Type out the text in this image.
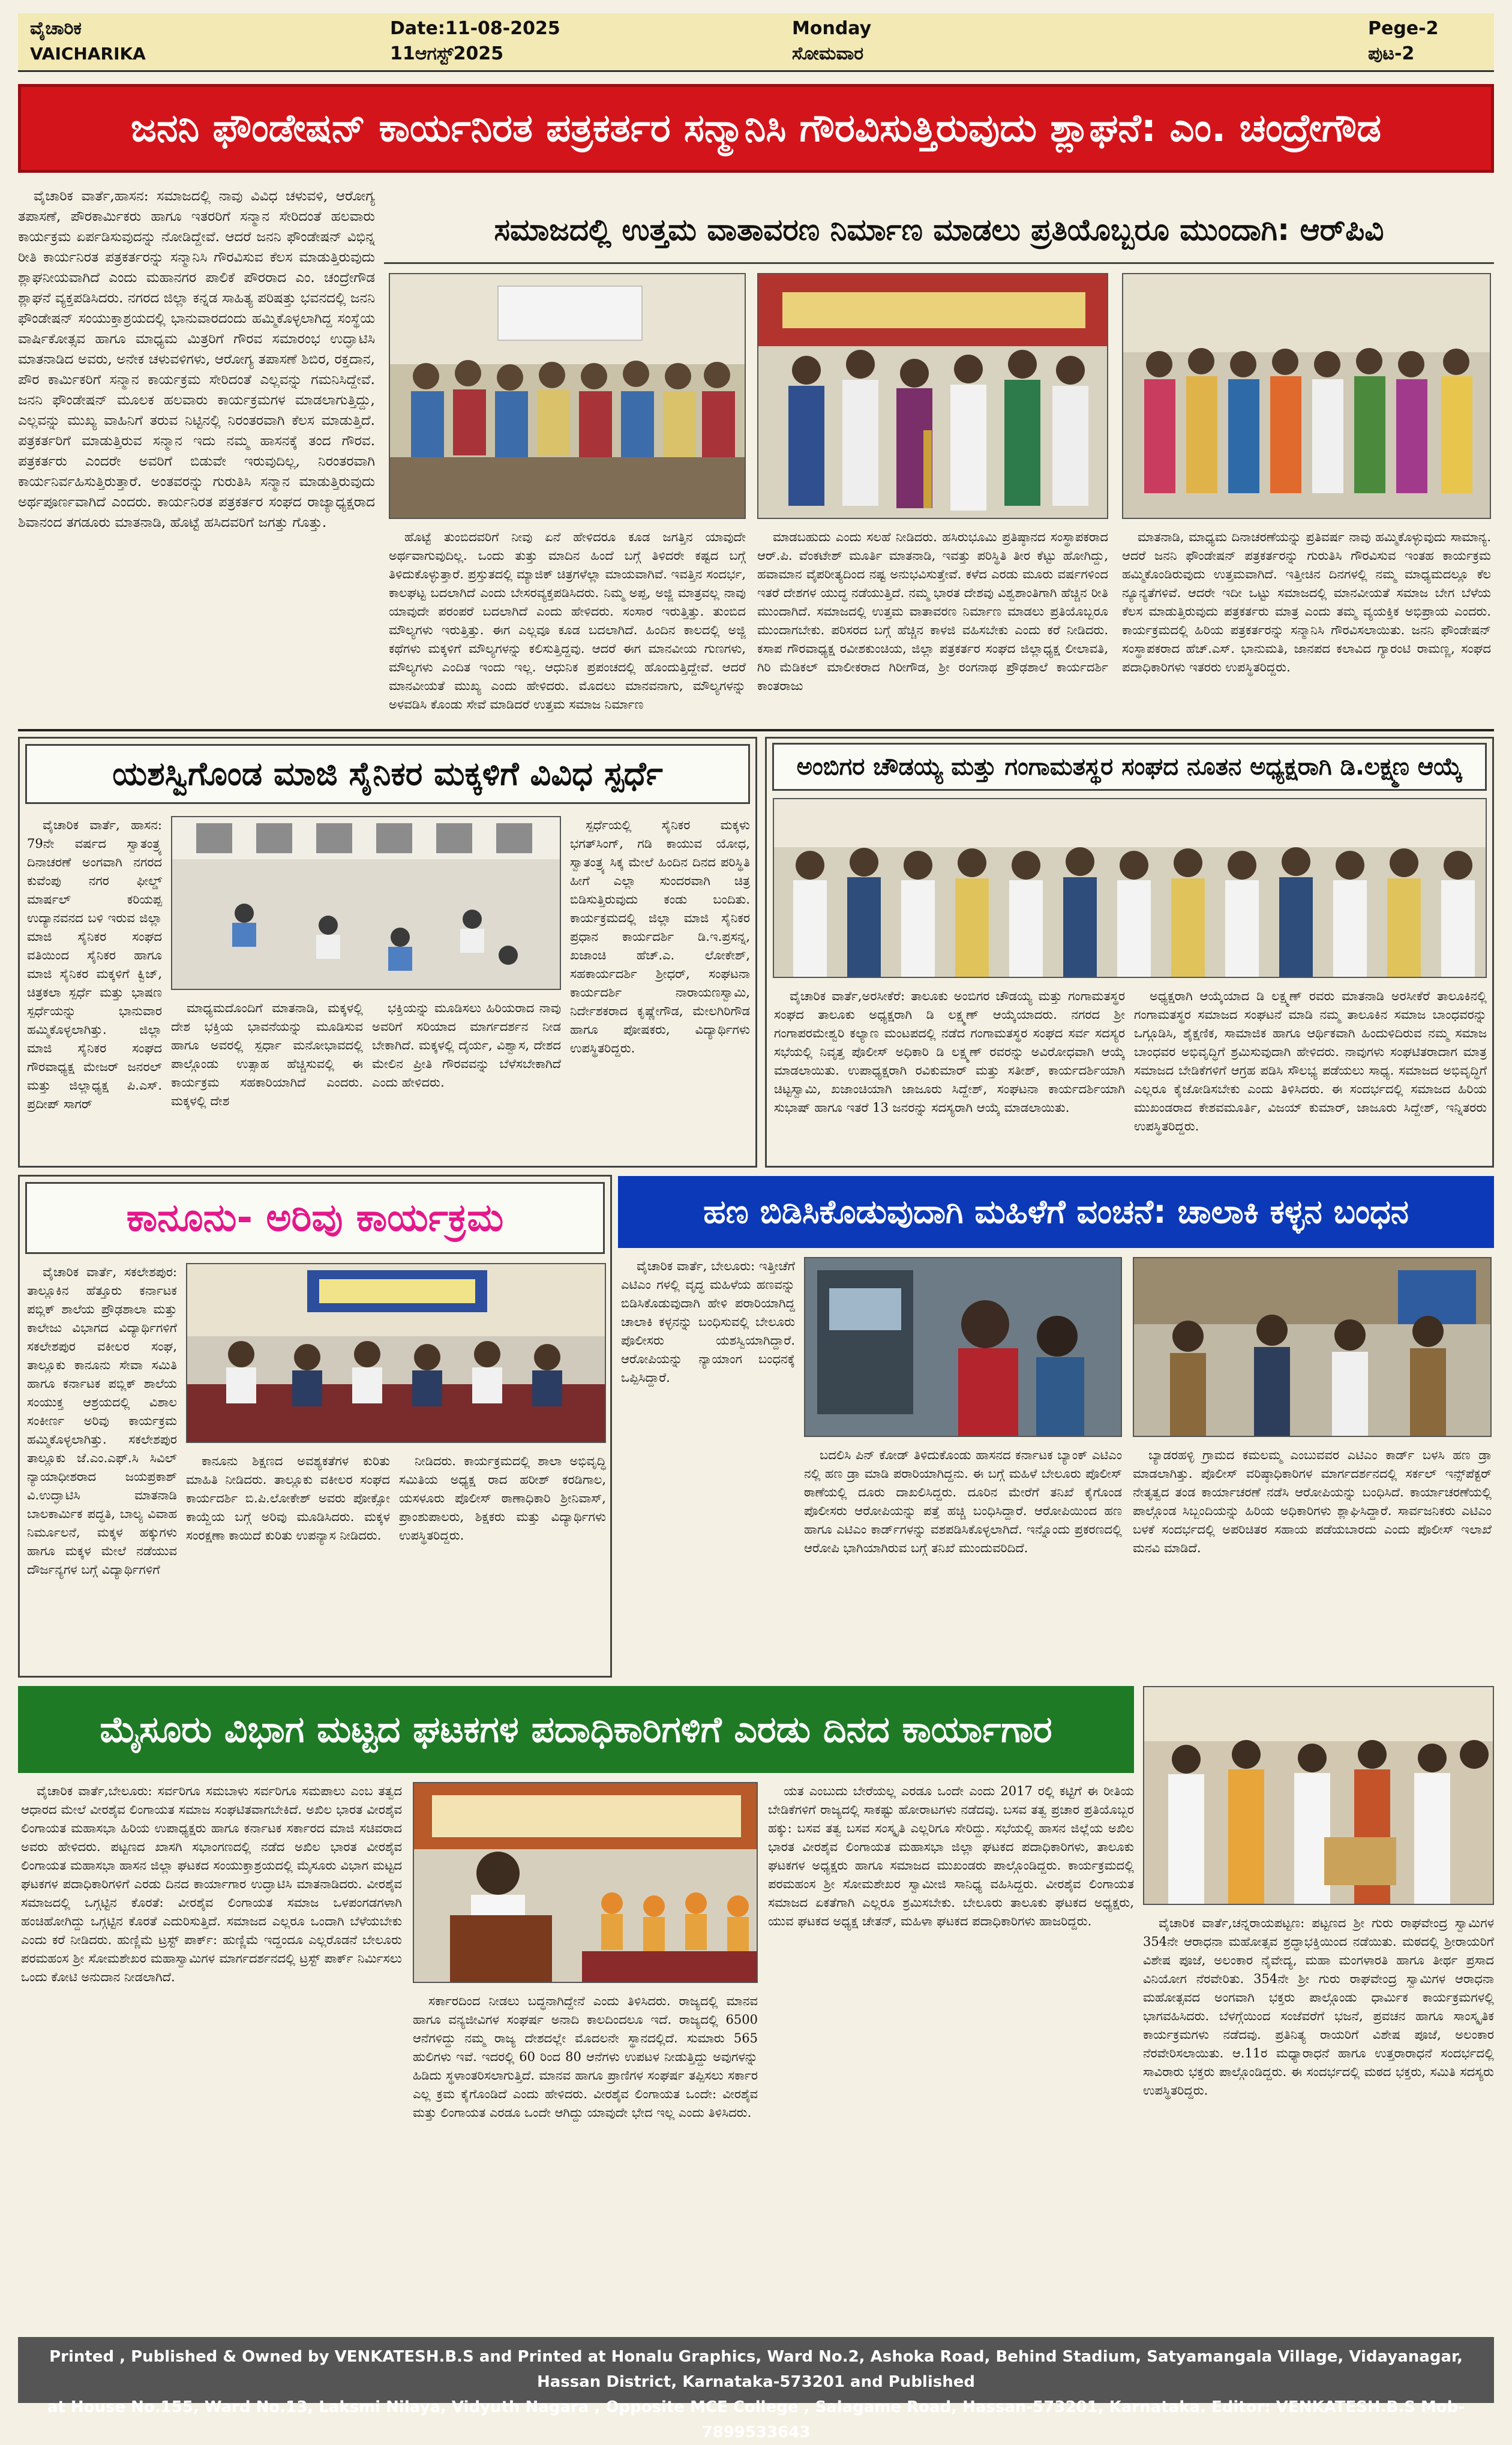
ವೈಚಾರಿಕ
VAICHARIKA
Date:11-08-2025
11ಆಗಸ್ಟ್2025
Monday
ಸೋಮವಾರ
Pege-2
ಪುಟ-2
ಜನನಿ ಫೌಂಡೇಷನ್ ಕಾರ್ಯನಿರತ ಪತ್ರಕರ್ತರ ಸನ್ಮಾನಿಸಿ ಗೌರವಿಸುತ್ತಿರುವುದು ಶ್ಲಾಘನೆ: ಎಂ. ಚಂದ್ರೇಗೌಡ

ವೈಚಾರಿಕ ವಾರ್ತೆ,ಹಾಸನ: ಸಮಾಜದಲ್ಲಿ ನಾವು ವಿವಿಧ ಚಳುವಳಿ, ಆರೋಗ್ಯ ತಪಾಸಣೆ, ಪೌರಕಾರ್ಮಿಕರು ಹಾಗೂ ಇತರರಿಗೆ ಸನ್ಮಾನ ಸೇರಿದಂತೆ ಹಲವಾರು ಕಾರ್ಯಕ್ರಮ ಏರ್ಪಡಿಸುವುದನ್ನು ನೋಡಿದ್ದೇವೆ. ಆದರೆ ಜನನಿ ಫೌಂಡೇಷನ್ ವಿಭಿನ್ನ ರೀತಿ ಕಾರ್ಯನಿರತ ಪತ್ರಕರ್ತರನ್ನು ಸನ್ಮಾನಿಸಿ ಗೌರವಿಸುವ ಕೆಲಸ ಮಾಡುತ್ತಿರುವುದು ಶ್ಲಾಘನೀಯವಾಗಿದೆ ಎಂದು ಮಹಾನಗರ ಪಾಲಿಕೆ ಪೌರರಾದ ಎಂ. ಚಂದ್ರೇಗೌಡ ಶ್ಲಾಘನೆ ವ್ಯಕ್ತಪಡಿಸಿದರು. ನಗರದ ಜಿಲ್ಲಾ ಕನ್ನಡ ಸಾಹಿತ್ಯ ಪರಿಷತ್ತು ಭವನದಲ್ಲಿ ಜನನಿ ಫೌಂಡೇಷನ್ ಸಂಯುಕ್ತಾಶ್ರಯದಲ್ಲಿ ಭಾನುವಾರದಂದು ಹಮ್ಮಿಕೊಳ್ಳಲಾಗಿದ್ದ ಸಂಸ್ಥೆಯ ವಾರ್ಷಿಕೋತ್ಸವ ಹಾಗೂ ಮಾಧ್ಯಮ ಮಿತ್ರರಿಗೆ ಗೌರವ ಸಮಾರಂಭ ಉದ್ಘಾಟಿಸಿ ಮಾತನಾಡಿದ ಅವರು, ಅನೇಕ ಚಳುವಳಿಗಳು, ಆರೋಗ್ಯ ತಪಾಸಣೆ ಶಿಬಿರ, ರಕ್ತದಾನ, ಪೌರ ಕಾರ್ಮಿಕರಿಗೆ ಸನ್ಮಾನ ಕಾರ್ಯಕ್ರಮ ಸೇರಿದಂತೆ ಎಲ್ಲವನ್ನು ಗಮನಿಸಿದ್ದೇವೆ. ಜನನಿ ಫೌಂಡೇಷನ್ ಮೂಲಕ ಹಲವಾರು ಕಾರ್ಯಕ್ರಮಗಳ ಮಾಡಲಾಗುತ್ತಿದ್ದು, ಎಲ್ಲವನ್ನು ಮುಖ್ಯ ವಾಹಿನಿಗೆ ತರುವ ನಿಟ್ಟಿನಲ್ಲಿ ನಿರಂತರವಾಗಿ ಕೆಲಸ ಮಾಡುತ್ತಿದೆ. ಪತ್ರಕರ್ತರಿಗೆ ಮಾಡುತ್ತಿರುವ ಸನ್ಮಾನ ಇದು ನಮ್ಮ ಹಾಸನಕ್ಕೆ ತಂದ ಗೌರವ. ಪತ್ರಕರ್ತರು ಎಂದರೇ ಅವರಿಗೆ ಬಿಡುವೇ ಇರುವುದಿಲ್ಲ, ನಿರಂತರವಾಗಿ ಕಾರ್ಯನಿರ್ವಹಿಸುತ್ತಿರುತ್ತಾರೆ. ಅಂತವರನ್ನು ಗುರುತಿಸಿ ಸನ್ಮಾನ ಮಾಡುತ್ತಿರುವುದು ಅರ್ಥಪೂರ್ಣವಾಗಿದೆ ಎಂದರು. ಕಾರ್ಯನಿರತ ಪತ್ರಕರ್ತರ ಸಂಘದ ರಾಜ್ಯಾಧ್ಯಕ್ಷರಾದ ಶಿವಾನಂದ ತಗಡೂರು ಮಾತನಾಡಿ, ಹೊಟ್ಟೆ ಹಸಿದವರಿಗೆ ಜಗತ್ತು ಗೊತ್ತು.

ಸಮಾಜದಲ್ಲಿ ಉತ್ತಮ ವಾತಾವರಣ ನಿರ್ಮಾಣ ಮಾಡಲು ಪ್ರತಿಯೊಬ್ಬರೂ ಮುಂದಾಗಿ: ಆರ್‌ಪಿವಿ

ಹೊಟ್ಟೆ ತುಂಬಿದವರಿಗೆ ನೀವು ಏನೆ ಹೇಳಿದರೂ ಕೂಡ ಜಗತ್ತಿನ ಯಾವುದೇ ಅರ್ಥವಾಗುವುದಿಲ್ಲ. ಒಂದು ತುತ್ತು ಮಾದಿನ ಹಿಂದೆ ಬಗ್ಗೆ ತಿಳಿದರೇ ಕಷ್ಟದ ಬಗ್ಗೆ ತಿಳಿದುಕೊಳ್ಳುತ್ತಾರೆ. ಪ್ರಸ್ತುತದಲ್ಲಿ ಮ್ಯಾಜಿಕ್ ಚಿತ್ರಗಳೆಲ್ಲಾ ಮಾಯವಾಗಿವೆ. ಇವತ್ತಿನ ಸಂದರ್ಭ, ಕಾಲಘಟ್ಟ ಬದಲಾಗಿದೆ ಎಂದು ಬೇಸರವ್ಯಕ್ತಪಡಿಸಿದರು. ನಿಮ್ಮ ಅಪ್ಪ, ಅಜ್ಜಿ ಮಾತ್ರವಲ್ಲ ನಾವು ಯಾವುದೇ ಪರಂಪರೆ ಬದಲಾಗಿದೆ ಎಂದು ಹೇಳಿದರು. ಸಂಸಾರ ಇರುತ್ತಿತ್ತು. ತುಂಬಿದ ಮೌಲ್ಯಗಳು ಇರುತ್ತಿತ್ತು. ಈಗ ಎಲ್ಲವೂ ಕೂಡ ಬದಲಾಗಿದೆ. ಹಿಂದಿನ ಕಾಲದಲ್ಲಿ ಅಜ್ಜಿ ಕಥೆಗಳು ಮಕ್ಕಳಿಗೆ ಮೌಲ್ಯಗಳನ್ನು ಕಲಿಸುತ್ತಿದ್ದವು. ಆದರೆ ಈಗ ಮಾನವೀಯ ಗುಣಗಳು, ಮೌಲ್ಯಗಳು ಎಂದಿತ ಇಂದು ಇಲ್ಲ. ಆಧುನಿಕ ಪ್ರಪಂಚದಲ್ಲಿ ಹೊಂದುತ್ತಿದ್ದೇವೆ. ಆದರೆ ಮಾನವೀಯತೆ ಮುಖ್ಯ ಎಂದು ಹೇಳಿದರು. ಮೊದಲು ಮಾನವನಾಗು, ಮೌಲ್ಯಗಳನ್ನು ಅಳವಡಿಸಿ ಕೊಂಡು ಸೇವೆ ಮಾಡಿದರೆ ಉತ್ತಮ ಸಮಾಜ ನಿರ್ಮಾಣ

ಮಾಡಬಹುದು ಎಂದು ಸಲಹೆ ನೀಡಿದರು. ಹಸಿರುಭೂಮಿ ಪ್ರತಿಷ್ಠಾನದ ಸಂಸ್ಥಾಪಕರಾದ ಆರ್.ಪಿ. ವೆಂಕಟೇಶ್ ಮೂರ್ತಿ ಮಾತನಾಡಿ, ಇವತ್ತು ಪರಿಸ್ಥಿತಿ ತೀರ ಕೆಟ್ಟು ಹೋಗಿದ್ದು, ಹವಾಮಾನ ವೈಪರೀತ್ಯದಿಂದ ನಷ್ಟ ಅನುಭವಿಸುತ್ತೇವೆ. ಕಳೆದ ಎರಡು ಮೂರು ವರ್ಷಗಳಿಂದ ಇತರೆ ದೇಶಗಳ ಯುದ್ಧ ನಡೆಯುತ್ತಿದೆ. ನಮ್ಮ ಭಾರತ ದೇಶವು ವಿಶ್ವಶಾಂತಿಗಾಗಿ ಹೆಚ್ಚಿನ ರೀತಿ ಮುಂದಾಗಿದೆ. ಸಮಾಜದಲ್ಲಿ ಉತ್ತಮ ವಾತಾವರಣ ನಿರ್ಮಾಣ ಮಾಡಲು ಪ್ರತಿಯೊಬ್ಬರೂ ಮುಂದಾಗಬೇಕು. ಪರಿಸರದ ಬಗ್ಗೆ ಹೆಚ್ಚಿನ ಕಾಳಜಿ ವಹಿಸಬೇಕು ಎಂದು ಕರೆ ನೀಡಿದರು. ಕಸಾಪ ಗೌರವಾಧ್ಯಕ್ಷ ರವೀಶಕುಂಚಿಯ, ಜಿಲ್ಲಾ ಪತ್ರಕರ್ತರ ಸಂಘದ ಜಿಲ್ಲಾಧ್ಯಕ್ಷ ಲೀಲಾವತಿ, ಗಿರಿ ಮೆಡಿಕಲ್ ಮಾಲೀಕರಾದ ಗಿರೀಗೌಡ, ಶ್ರೀ ರಂಗನಾಥ ಪ್ರೌಢಶಾಲೆ ಕಾರ್ಯದರ್ಶಿ ಕಾಂತರಾಜು

ಮಾತನಾಡಿ, ಮಾಧ್ಯಮ ದಿನಾಚರಣೆಯನ್ನು ಪ್ರತಿವರ್ಷ ನಾವು ಹಮ್ಮಿಕೊಳ್ಳುವುದು ಸಾಮಾನ್ಯ. ಆದರೆ ಜನನಿ ಫೌಂಡೇಷನ್ ಪತ್ರಕರ್ತರನ್ನು ಗುರುತಿಸಿ ಗೌರವಿಸುವ ಇಂತಹ ಕಾರ್ಯಕ್ರಮ ಹಮ್ಮಿಕೊಂಡಿರುವುದು ಉತ್ತಮವಾಗಿದೆ. ಇತ್ತೀಚಿನ ದಿನಗಳಲ್ಲಿ ನಮ್ಮ ಮಾಧ್ಯಮದಲ್ಲೂ ಕೆಲ ನ್ಯೂನ್ಯತೆಗಳಿವೆ. ಆದರೇ ಇದೀ ಒಟ್ಟು ಸಮಾಜದಲ್ಲಿ ಮಾನವೀಯತೆ ಸಮಾಜ ಬೇಗ ಬೆಳೆಯ ಕೆಲಸ ಮಾಡುತ್ತಿರುವುದು ಪತ್ರಕರ್ತರು ಮಾತ್ರ ಎಂದು ತಮ್ಮ ವ್ಯಯಕ್ತಿಕ ಅಭಿಪ್ರಾಯ ಎಂದರು. ಕಾರ್ಯಕ್ರಮದಲ್ಲಿ ಹಿರಿಯ ಪತ್ರಕರ್ತರನ್ನು ಸನ್ಮಾನಿಸಿ ಗೌರವಿಸಲಾಯಿತು. ಜನನಿ ಫೌಂಡೇಷನ್ ಸಂಸ್ಥಾಪಕರಾದ ಹೆಚ್.ಎಸ್. ಭಾನುಮತಿ, ಜಾನಪದ ಕಲಾವಿದ ಗ್ಯಾರಂಟಿ ರಾಮಣ್ಣ, ಸಂಘದ ಪದಾಧಿಕಾರಿಗಳು ಇತರರು ಉಪಸ್ಥಿತರಿದ್ದರು.

ಯಶಸ್ವಿಗೊಂಡ ಮಾಜಿ ಸೈನಿಕರ ಮಕ್ಕಳಿಗೆ ವಿವಿಧ ಸ್ಪರ್ಧೆ

ವೈಚಾರಿಕ ವಾರ್ತೆ, ಹಾಸನ: 79ನೇ ವರ್ಷದ ಸ್ವಾತಂತ್ರ್ಯ ದಿನಾಚರಣೆ ಅಂಗವಾಗಿ ನಗರದ ಕುವೆಂಪು ನಗರ ಫೀಲ್ಡ್ ಮಾರ್ಷಲ್ ಕರಿಯಪ್ಪ ಉದ್ಯಾನವನದ ಬಳಿ ಇರುವ ಜಿಲ್ಲಾ ಮಾಜಿ ಸೈನಿಕರ ಸಂಘದ ವತಿಯಿಂದ ಸೈನಿಕರ ಹಾಗೂ ಮಾಜಿ ಸೈನಿಕರ ಮಕ್ಕಳಿಗೆ ಕ್ವಿಜ್, ಚಿತ್ರಕಲಾ ಸ್ಪರ್ಧೆ ಮತ್ತು ಭಾಷಣ ಸ್ಪರ್ಧೆಯನ್ನು ಭಾನುವಾರ ಹಮ್ಮಿಕೊಳ್ಳಲಾಗಿತ್ತು. ಜಿಲ್ಲಾ ಮಾಜಿ ಸೈನಿಕರ ಸಂಘದ ಗೌರವಾಧ್ಯಕ್ಷ ಮೇಜರ್ ಜನರಲ್ ಮತ್ತು ಜಿಲ್ಲಾಧ್ಯಕ್ಷ ಪಿ.ಎಸ್. ಪ್ರದೀಪ್ ಸಾಗರ್

ಸ್ಪರ್ಧೆಯಲ್ಲಿ ಸೈನಿಕರ ಮಕ್ಕಳು ಭಗತ್‌ಸಿಂಗ್, ಗಡಿ ಕಾಯುವ ಯೋಧ, ಸ್ವಾತಂತ್ರ್ಯ ಸಿಕ್ಕ ಮೇಲೆ ಹಿಂದಿನ ದಿನದ ಪರಿಸ್ಥಿತಿ ಹೀಗೆ ಎಲ್ಲಾ ಸುಂದರವಾಗಿ ಚಿತ್ರ ಬಿಡಿಸುತ್ತಿರುವುದು ಕಂಡು ಬಂದಿತು. ಕಾರ್ಯಕ್ರಮದಲ್ಲಿ ಜಿಲ್ಲಾ ಮಾಜಿ ಸೈನಿಕರ ಪ್ರಧಾನ ಕಾರ್ಯದರ್ಶಿ ಡಿ.ಇ.ಪ್ರಸನ್ನ, ಖಜಾಂಚಿ ಹೆಚ್.ಎ. ಲೋಕೇಶ್, ಸಹಕಾರ್ಯದರ್ಶಿ ಶ್ರೀಧರ್, ಸಂಘಟನಾ ಕಾರ್ಯದರ್ಶಿ ನಾರಾಯಣಸ್ವಾಮಿ, ನಿರ್ದೇಶಕರಾದ ಕೃಷ್ಣೇಗೌಡ, ಮೇಲಗಿರಿಗೌಡ ಹಾಗೂ ಪೋಷಕರು, ವಿದ್ಯಾರ್ಥಿಗಳು ಉಪಸ್ಥಿತರಿದ್ದರು.

ಮಾಧ್ಯಮದೊಂದಿಗೆ ಮಾತನಾಡಿ, ಮಕ್ಕಳಲ್ಲಿ ದೇಶ ಭಕ್ತಿಯ ಭಾವನೆಯನ್ನು ಮೂಡಿಸುವ ಹಾಗೂ ಅವರಲ್ಲಿ ಸ್ಪರ್ಧಾ ಮನೋಭಾವದಲ್ಲಿ ಪಾಲ್ಗೊಂಡು ಉತ್ಸಾಹ ಹೆಚ್ಚಿಸುವಲ್ಲಿ ಈ ಕಾರ್ಯಕ್ರಮ ಸಹಕಾರಿಯಾಗಿದೆ ಎಂದರು. ಮಕ್ಕಳಲ್ಲಿ ದೇಶ

ಭಕ್ತಿಯನ್ನು ಮೂಡಿಸಲು ಹಿರಿಯರಾದ ನಾವು ಅವರಿಗೆ ಸರಿಯಾದ ಮಾರ್ಗದರ್ಶನ ನೀಡ ಬೇಕಾಗಿದೆ. ಮಕ್ಕಳಲ್ಲಿ ದೈರ್ಯ, ವಿಶ್ವಾಸ, ದೇಶದ ಮೇಲಿನ ಪ್ರೀತಿ ಗೌರವವನ್ನು ಬೆಳೆಸಬೇಕಾಗಿದೆ ಎಂದು ಹೇಳಿದರು.

ಅಂಬಿಗರ ಚೌಡಯ್ಯ ಮತ್ತು ಗಂಗಾಮತಸ್ಥರ ಸಂಘದ ನೂತನ ಅಧ್ಯಕ್ಷರಾಗಿ ಡಿ.ಲಕ್ಷ್ಮಣ ಆಯ್ಕೆ

ವೈಚಾರಿಕ ವಾರ್ತೆ,ಅರಸೀಕೆರೆ: ತಾಲೂಕು ಅಂಬಿಗರ ಚೌಡಯ್ಯ ಮತ್ತು ಗಂಗಾಮತಸ್ಥರ ಸಂಘದ ತಾಲೂಕು ಅಧ್ಯಕ್ಷರಾಗಿ ಡಿ ಲಕ್ಷ್ಮಣ್ ಆಯ್ಕೆಯಾದರು. ನಗರದ ಶ್ರೀ ಗಂಗಾಪರಮೇಶ್ವರಿ ಕಲ್ಯಾಣ ಮಂಟಪದಲ್ಲಿ ನಡೆದ ಗಂಗಾಮತಸ್ಥರ ಸಂಘದ ಸರ್ವ ಸದಸ್ಯರ ಸಭೆಯಲ್ಲಿ ನಿವೃತ್ತ ಪೊಲೀಸ್ ಅಧಿಕಾರಿ ಡಿ ಲಕ್ಷ್ಮಣ್ ರವರನ್ನು ಅವಿರೋಧವಾಗಿ ಆಯ್ಕೆ ಮಾಡಲಾಯಿತು. ಉಪಾಧ್ಯಕ್ಷರಾಗಿ ರವಿಕುಮಾರ್ ಮತ್ತು ಸತೀಶ್, ಕಾರ್ಯದರ್ಶಿಯಾಗಿ ಚಿಟ್ಟಸ್ವಾಮಿ, ಖಜಾಂಚಿಯಾಗಿ ಜಾಜೂರು ಸಿದ್ದೇಶ್, ಸಂಘಟನಾ ಕಾರ್ಯದರ್ಶಿಯಾಗಿ ಸುಭಾಷ್ ಹಾಗೂ ಇತರೆ 13 ಜನರನ್ನು ಸದಸ್ಯರಾಗಿ ಆಯ್ಕೆ ಮಾಡಲಾಯಿತು.

ಅಧ್ಯಕ್ಷರಾಗಿ ಆಯ್ಕೆಯಾದ ಡಿ ಲಕ್ಷ್ಮಣ್ ರವರು ಮಾತನಾಡಿ ಅರಸೀಕೆರೆ ತಾಲೂಕಿನಲ್ಲಿ ಗಂಗಾಮತಸ್ಥರ ಸಮಾಜದ ಸಂಘಟನೆ ಮಾಡಿ ನಮ್ಮ ತಾಲೂಕಿನ ಸಮಾಜ ಬಾಂಧವರನ್ನು ಒಗ್ಗೂಡಿಸಿ, ಶೈಕ್ಷಣಿಕ, ಸಾಮಾಜಿಕ ಹಾಗೂ ಆರ್ಥಿಕವಾಗಿ ಹಿಂದುಳಿದಿರುವ ನಮ್ಮ ಸಮಾಜ ಬಾಂಧವರ ಅಭಿವೃದ್ಧಿಗೆ ಶ್ರಮಿಸುವುದಾಗಿ ಹೇಳಿದರು. ನಾವುಗಳು ಸಂಘಟಿತರಾದಾಗ ಮಾತ್ರ ಸಮಾಜದ ಬೇಡಿಕೆಗಳಿಗೆ ಆಗ್ರಹ ಪಡಿಸಿ ಸೌಲಭ್ಯ ಪಡೆಯಲು ಸಾಧ್ಯ. ಸಮಾಜದ ಅಭಿವೃದ್ಧಿಗೆ ಎಲ್ಲರೂ ಕೈಜೋಡಿಸಬೇಕು ಎಂದು ತಿಳಿಸಿದರು. ಈ ಸಂದರ್ಭದಲ್ಲಿ ಸಮಾಜದ ಹಿರಿಯ ಮುಖಂಡರಾದ ಕೇಶವಮೂರ್ತಿ, ವಿಜಯ್ ಕುಮಾರ್, ಜಾಜೂರು ಸಿದ್ದೇಶ್, ಇನ್ನಿತರರು ಉಪಸ್ಥಿತರಿದ್ದರು.

ಕಾನೂನು- ಅರಿವು ಕಾರ್ಯಕ್ರಮ

ವೈಚಾರಿಕ ವಾರ್ತೆ, ಸಕಲೇಶಪುರ: ತಾಲ್ಲೂಕಿನ ಹೆತ್ತೂರು ಕರ್ನಾಟಕ ಪಬ್ಲಿಕ್ ಶಾಲೆಯ ಪ್ರೌಢಶಾಲಾ ಮತ್ತು ಕಾಲೇಜು ವಿಭಾಗದ ವಿದ್ಯಾರ್ಥಿಗಳಿಗೆ ಸಕಲೇಶಪುರ ವಕೀಲರ ಸಂಘ, ತಾಲ್ಲೂಕು ಕಾನೂನು ಸೇವಾ ಸಮಿತಿ ಹಾಗೂ ಕರ್ನಾಟಕ ಪಬ್ಲಿಕ್ ಶಾಲೆಯ ಸಂಯುಕ್ತ ಆಶ್ರಯದಲ್ಲಿ ವಿಶಾಲ ಸಂಕೀರ್ಣ ಅರಿವು ಕಾರ್ಯಕ್ರಮ ಹಮ್ಮಿಕೊಳ್ಳಲಾಗಿತ್ತು. ಸಕಲೇಶಪುರ ತಾಲ್ಲೂಕು ಜೆ.ಎಂ.ಎಫ್.ಸಿ ಸಿವಿಲ್ ನ್ಯಾಯಾಧೀಶರಾದ ಜಯಪ್ರಕಾಶ್ ವಿ.ಉದ್ಘಾಟಿಸಿ ಮಾತನಾಡಿ ಬಾಲಕಾರ್ಮಿಕ ಪದ್ಧತಿ, ಬಾಲ್ಯ ವಿವಾಹ ನಿರ್ಮೂಲನೆ, ಮಕ್ಕಳ ಹಕ್ಕುಗಳು ಹಾಗೂ ಮಕ್ಕಳ ಮೇಲೆ ನಡೆಯುವ ದೌರ್ಜನ್ಯಗಳ ಬಗ್ಗೆ ವಿದ್ಯಾರ್ಥಿಗಳಿಗೆ

ಕಾನೂನು ಶಿಕ್ಷಣದ ಅವಶ್ಯಕತೆಗಳ ಕುರಿತು ಮಾಹಿತಿ ನೀಡಿದರು. ತಾಲ್ಲೂಕು ವಕೀಲರ ಸಂಘದ ಕಾರ್ಯದರ್ಶಿ ಬಿ.ಪಿ.ಲೋಕೇಶ್ ಅವರು ಪೋಕ್ಸೋ ಕಾಯ್ದೆಯ ಬಗ್ಗೆ ಅರಿವು ಮೂಡಿಸಿದರು. ಮಕ್ಕಳ ಸಂರಕ್ಷಣಾ ಕಾಯಿದೆ ಕುರಿತು ಉಪನ್ಯಾಸ ನೀಡಿದರು.

ನೀಡಿದರು. ಕಾರ್ಯಕ್ರಮದಲ್ಲಿ ಶಾಲಾ ಅಭಿವೃದ್ಧಿ ಸಮಿತಿಯ ಅಧ್ಯಕ್ಷ ರಾದ ಹರೀಶ್ ಕರಡಿಗಾಲ, ಯಸಳೂರು ಪೊಲೀಸ್ ಠಾಣಾಧಿಕಾರಿ ಶ್ರೀನಿವಾಸ್, ಪ್ರಾಂಶುಪಾಲರು, ಶಿಕ್ಷಕರು ಮತ್ತು ವಿದ್ಯಾರ್ಥಿಗಳು ಉಪಸ್ಥಿತರಿದ್ದರು.

ಹಣ ಬಿಡಿಸಿಕೊಡುವುದಾಗಿ ಮಹಿಳೆಗೆ ವಂಚನೆ: ಚಾಲಾಕಿ ಕಳ್ಳನ ಬಂಧನ

ವೈಚಾರಿಕ ವಾರ್ತೆ, ಬೇಲೂರು: ಇತ್ತೀಚೆಗೆ ಎಟಿಎಂ ಗಳಲ್ಲಿ ವೃದ್ಧ ಮಹಿಳೆಯ ಹಣವನ್ನು ಬಿಡಿಸಿಕೊಡುವುದಾಗಿ ಹೇಳಿ ಪರಾರಿಯಾಗಿದ್ದ ಚಾಲಾಕಿ ಕಳ್ಳನನ್ನು ಬಂಧಿಸುವಲ್ಲಿ ಬೇಲೂರು ಪೊಲೀಸರು ಯಶಸ್ವಿಯಾಗಿದ್ದಾರೆ. ಆರೋಪಿಯನ್ನು ನ್ಯಾಯಾಂಗ ಬಂಧನಕ್ಕೆ ಒಪ್ಪಿಸಿದ್ದಾರೆ.

ಬದಲಿಸಿ ಪಿನ್ ಕೋಡ್ ತಿಳಿದುಕೊಂಡು ಹಾಸನದ ಕರ್ನಾಟಕ ಬ್ಯಾಂಕ್ ಎಟಿಎಂ ನಲ್ಲಿ ಹಣ ಡ್ರಾ ಮಾಡಿ ಪರಾರಿಯಾಗಿದ್ದನು. ಈ ಬಗ್ಗೆ ಮಹಿಳೆ ಬೇಲೂರು ಪೊಲೀಸ್ ಠಾಣೆಯಲ್ಲಿ ದೂರು ದಾಖಲಿಸಿದ್ದರು. ದೂರಿನ ಮೇರೆಗೆ ತನಿಖೆ ಕೈಗೊಂಡ ಪೊಲೀಸರು ಆರೋಪಿಯನ್ನು ಪತ್ತೆ ಹಚ್ಚಿ ಬಂಧಿಸಿದ್ದಾರೆ. ಆರೋಪಿಯಿಂದ ಹಣ ಹಾಗೂ ಎಟಿಎಂ ಕಾರ್ಡ್‌ಗಳನ್ನು ವಶಪಡಿಸಿಕೊಳ್ಳಲಾಗಿದೆ. ಇನ್ನೊಂದು ಪ್ರಕರಣದಲ್ಲಿ ಆರೋಪಿ ಭಾಗಿಯಾಗಿರುವ ಬಗ್ಗೆ ತನಿಖೆ ಮುಂದುವರಿದಿದೆ.

ಬ್ಯಾಡರಹಳ್ಳಿ ಗ್ರಾಮದ ಕಮಲಮ್ಮ ಎಂಬುವವರ ಎಟಿಎಂ ಕಾರ್ಡ್ ಬಳಸಿ ಹಣ ಡ್ರಾ ಮಾಡಲಾಗಿತ್ತು. ಪೊಲೀಸ್ ವರಿಷ್ಠಾಧಿಕಾರಿಗಳ ಮಾರ್ಗದರ್ಶನದಲ್ಲಿ ಸರ್ಕಲ್ ಇನ್ಸ್‌ಪೆಕ್ಟರ್ ನೇತೃತ್ವದ ತಂಡ ಕಾರ್ಯಾಚರಣೆ ನಡೆಸಿ ಆರೋಪಿಯನ್ನು ಬಂಧಿಸಿದೆ. ಕಾರ್ಯಾಚರಣೆಯಲ್ಲಿ ಪಾಲ್ಗೊಂಡ ಸಿಬ್ಬಂದಿಯನ್ನು ಹಿರಿಯ ಅಧಿಕಾರಿಗಳು ಶ್ಲಾಘಿಸಿದ್ದಾರೆ. ಸಾರ್ವಜನಿಕರು ಎಟಿಎಂ ಬಳಕೆ ಸಂದರ್ಭದಲ್ಲಿ ಅಪರಿಚಿತರ ಸಹಾಯ ಪಡೆಯಬಾರದು ಎಂದು ಪೊಲೀಸ್ ಇಲಾಖೆ ಮನವಿ ಮಾಡಿದೆ.

ಮೈಸೂರು ವಿಭಾಗ ಮಟ್ಟದ ಘಟಕಗಳ ಪದಾಧಿಕಾರಿಗಳಿಗೆ ಎರಡು ದಿನದ ಕಾರ್ಯಾಗಾರ

ವೈಚಾರಿಕ ವಾರ್ತೆ,ಬೇಲೂರು: ಸರ್ವರಿಗೂ ಸಮಬಾಳು ಸರ್ವರಿಗೂ ಸಮಪಾಲು ಎಂಬ ತತ್ವದ ಆಧಾರದ ಮೇಲೆ ವೀರಶೈವ ಲಿಂಗಾಯತ ಸಮಾಜ ಸಂಘಟಿತವಾಗಬೇಕಿದೆ. ಅಖಿಲ ಭಾರತ ವೀರಶೈವ ಲಿಂಗಾಯತ ಮಹಾಸಭಾ ಹಿರಿಯ ಉಪಾಧ್ಯಕ್ಷರು ಹಾಗೂ ಕರ್ನಾಟಕ ಸರ್ಕಾರದ ಮಾಜಿ ಸಚಿವರಾದ ಅವರು ಹೇಳಿದರು. ಪಟ್ಟಣದ ಖಾಸಗಿ ಸಭಾಂಗಣದಲ್ಲಿ ನಡೆದ ಅಖಿಲ ಭಾರತ ವೀರಶೈವ ಲಿಂಗಾಯತ ಮಹಾಸಭಾ ಹಾಸನ ಜಿಲ್ಲಾ ಘಟಕದ ಸಂಯುಕ್ತಾಶ್ರಯದಲ್ಲಿ ಮೈಸೂರು ವಿಭಾಗ ಮಟ್ಟದ ಘಟಕಗಳ ಪದಾಧಿಕಾರಿಗಳಿಗೆ ಎರಡು ದಿನದ ಕಾರ್ಯಾಗಾರ ಉದ್ಘಾಟಿಸಿ ಮಾತನಾಡಿದರು. ವೀರಶೈವ ಸಮಾಜದಲ್ಲಿ ಒಗ್ಗಟ್ಟಿನ ಕೊರತೆ: ವೀರಶೈವ ಲಿಂಗಾಯತ ಸಮಾಜ ಒಳಪಂಗಡಗಳಾಗಿ ಹಂಚಿಹೋಗಿದ್ದು ಒಗ್ಗಟ್ಟಿನ ಕೊರತೆ ಎದುರಿಸುತ್ತಿದೆ. ಸಮಾಜದ ಎಲ್ಲರೂ ಒಂದಾಗಿ ಬೆಳೆಯಬೇಕು ಎಂದು ಕರೆ ನೀಡಿದರು. ಹುಣ್ಣಿಮೆ ಟ್ರಸ್ಟ್ ಪಾರ್ಕ್: ಹುಣ್ಣಿಮೆ ಇದ್ದಂದೂ ಎಲ್ಲರೊಡನೆ ಬೇಲೂರು ಪರಮಹಂಸ ಶ್ರೀ ಸೋಮಶೇಖರ ಮಹಾಸ್ವಾಮಿಗಳ ಮಾರ್ಗದರ್ಶನದಲ್ಲಿ ಟ್ರಸ್ಟ್ ಪಾರ್ಕ್ ನಿರ್ಮಿಸಲು ಒಂದು ಕೋಟಿ ಅನುದಾನ ನೀಡಲಾಗಿದೆ.

ಸರ್ಕಾರದಿಂದ ನೀಡಲು ಬದ್ಧನಾಗಿದ್ದೇನೆ ಎಂದು ತಿಳಿಸಿದರು. ರಾಜ್ಯದಲ್ಲಿ ಮಾನವ ಹಾಗೂ ವನ್ಯಜೀವಿಗಳ ಸಂಘರ್ಷ ಅನಾದಿ ಕಾಲದಿಂದಲೂ ಇದೆ. ರಾಜ್ಯದಲ್ಲಿ 6500 ಆನೆಗಳಿದ್ದು ನಮ್ಮ ರಾಜ್ಯ ದೇಶದಲ್ಲೇ ಮೊದಲನೇ ಸ್ಥಾನದಲ್ಲಿದೆ. ಸುಮಾರು 565 ಹುಲಿಗಳು ಇವೆ. ಇದರಲ್ಲಿ 60 ರಿಂದ 80 ಆನೆಗಳು ಉಪಟಳ ನೀಡುತ್ತಿದ್ದು ಅವುಗಳನ್ನು ಹಿಡಿದು ಸ್ಥಳಾಂತರಿಸಲಾಗುತ್ತಿದೆ. ಮಾನವ ಹಾಗೂ ಪ್ರಾಣಿಗಳ ಸಂಘರ್ಷ ತಪ್ಪಿಸಲು ಸರ್ಕಾರ ಎಲ್ಲ ಕ್ರಮ ಕೈಗೊಂಡಿದೆ ಎಂದು ಹೇಳಿದರು. ವೀರಶೈವ ಲಿಂಗಾಯತ ಒಂದೇ: ವೀರಶೈವ ಮತ್ತು ಲಿಂಗಾಯತ ಎರಡೂ ಒಂದೇ ಆಗಿದ್ದು ಯಾವುದೇ ಭೇದ ಇಲ್ಲ ಎಂದು ತಿಳಿಸಿದರು.

ಯತ ಎಂಬುದು ಬೇರೆಯಲ್ಲ ಎರಡೂ ಒಂದೇ ಎಂದು 2017 ರಲ್ಲಿ ಕಟ್ಟಿಗೆ ಈ ರೀತಿಯ ಬೇಡಿಕೆಗಳಿಗೆ ರಾಜ್ಯದಲ್ಲಿ ಸಾಕಷ್ಟು ಹೋರಾಟಗಳು ನಡೆದವು. ಬಸವ ತತ್ವ ಪ್ರಚಾರ ಪ್ರತಿಯೊಬ್ಬರ ಹಕ್ಕು: ಬಸವ ತತ್ವ ಬಸವ ಸಂಸ್ಕೃತಿ ಎಲ್ಲರಿಗೂ ಸೇರಿದ್ದು. ಸಭೆಯಲ್ಲಿ ಹಾಸನ ಜಿಲ್ಲೆಯ ಅಖಿಲ ಭಾರತ ವೀರಶೈವ ಲಿಂಗಾಯತ ಮಹಾಸಭಾ ಜಿಲ್ಲಾ ಘಟಕದ ಪದಾಧಿಕಾರಿಗಳು, ತಾಲೂಕು ಘಟಕಗಳ ಅಧ್ಯಕ್ಷರು ಹಾಗೂ ಸಮಾಜದ ಮುಖಂಡರು ಪಾಲ್ಗೊಂಡಿದ್ದರು. ಕಾರ್ಯಕ್ರಮದಲ್ಲಿ ಪರಮಹಂಸ ಶ್ರೀ ಸೋಮಶೇಖರ ಸ್ವಾಮೀಜಿ ಸಾನಿಧ್ಯ ವಹಿಸಿದ್ದರು. ವೀರಶೈವ ಲಿಂಗಾಯತ ಸಮಾಜದ ಏಕತೆಗಾಗಿ ಎಲ್ಲರೂ ಶ್ರಮಿಸಬೇಕು. ಬೇಲೂರು ತಾಲೂಕು ಘಟಕದ ಅಧ್ಯಕ್ಷರು, ಯುವ ಘಟಕದ ಅಧ್ಯಕ್ಷ ಚೇತನ್, ಮಹಿಳಾ ಘಟಕದ ಪದಾಧಿಕಾರಿಗಳು ಹಾಜರಿದ್ದರು.	ವೈಚಾರಿಕ ವಾರ್ತೆ,ಚನ್ನರಾಯಪಟ್ಟಣ: ಪಟ್ಟಣದ ಶ್ರೀ ಗುರು ರಾಘವೇಂದ್ರ ಸ್ವಾಮಿಗಳ 354ನೇ ಆರಾಧನಾ ಮಹೋತ್ಸವ ಶ್ರದ್ಧಾಭಕ್ತಿಯಿಂದ ನಡೆಯಿತು. ಮಠದಲ್ಲಿ ಶ್ರೀರಾಯರಿಗೆ ವಿಶೇಷ ಪೂಜೆ, ಅಲಂಕಾರ ನೈವೇದ್ಯ, ಮಹಾ ಮಂಗಳಾರತಿ ಹಾಗೂ ತೀರ್ಥ ಪ್ರಸಾದ ವಿನಿಯೋಗ ನೆರವೇರಿತು. 354ನೇ ಶ್ರೀ ಗುರು ರಾಘವೇಂದ್ರ ಸ್ವಾಮಿಗಳ ಆರಾಧನಾ ಮಹೋತ್ಸವದ ಅಂಗವಾಗಿ ಭಕ್ತರು ಪಾಲ್ಗೊಂಡು ಧಾರ್ಮಿಕ ಕಾರ್ಯಕ್ರಮಗಳಲ್ಲಿ ಭಾಗವಹಿಸಿದರು. ಬೆಳಗ್ಗೆಯಿಂದ ಸಂಜೆವರೆಗೆ ಭಜನೆ, ಪ್ರವಚನ ಹಾಗೂ ಸಾಂಸ್ಕೃತಿಕ ಕಾರ್ಯಕ್ರಮಗಳು ನಡೆದವು. ಪ್ರತಿನಿತ್ಯ ರಾಯರಿಗೆ ವಿಶೇಷ ಪೂಜೆ, ಅಲಂಕಾರ ನೆರವೇರಿಸಲಾಯಿತು. ಆ.11ರ ಮಧ್ಯಾರಾಧನೆ ಹಾಗೂ ಉತ್ತರಾರಾಧನೆ ಸಂದರ್ಭದಲ್ಲಿ ಸಾವಿರಾರು ಭಕ್ತರು ಪಾಲ್ಗೊಂಡಿದ್ದರು. ಈ ಸಂದರ್ಭದಲ್ಲಿ ಮಠದ ಭಕ್ತರು, ಸಮಿತಿ ಸದಸ್ಯರು ಉಪಸ್ಥಿತರಿದ್ದರು.

Printed , Published & Owned by VENKATESH.B.S and Printed at Honalu Graphics, Ward No.2, Ashoka Road, Behind Stadium, Satyamangala Village, Vidayanagar, Hassan District, Karnataka-573201 and Published
at House No.155, Ward No.13, Laksmi Nilaya, Vidyuth Nagara , Opposite MCE College , Salagame Road, Hassan-573201, Karnataka. Editor: VENKATESH.B.S Mob-7899533643
